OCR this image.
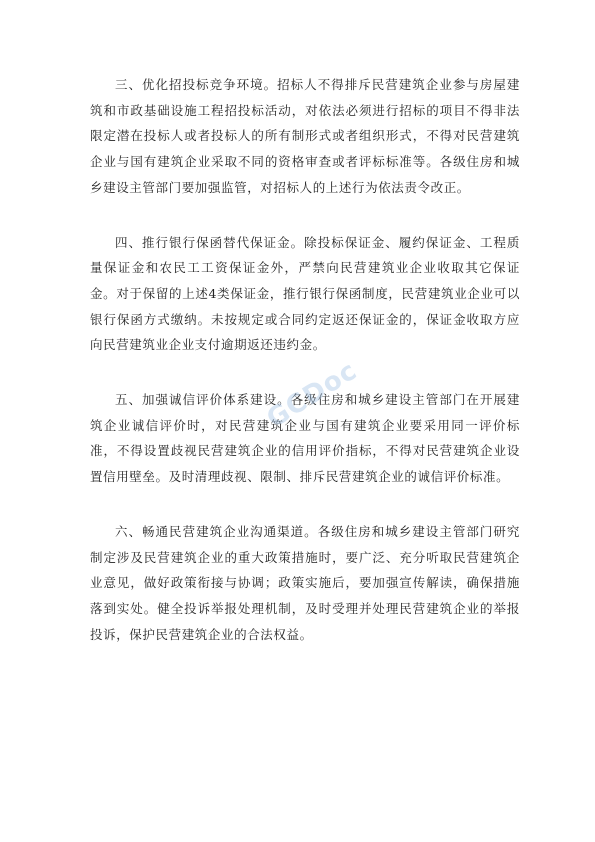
三、优化招投标竞争环境。招标人不得排斥民营建筑企业参与房屋建筑和市政基础设施工程招投标活动，对依法必须进行招标的项目不得非法限定潜在投标人或者投标人的所有制形式或者组织形式，不得对民营建筑企业与国有建筑企业采取不同的资格审查或者评标标准等。各级住房和城乡建设主管部门要加强监管，对招标人的上述行为依法责令改正。

四、推行银行保函替代保证金。除投标保证金、履约保证金、工程质量保证金和农民工工资保证金外，严禁向民营建筑业企业收取其它保证金。对于保留的上述4类保证金，推行银行保函制度，民营建筑业企业可以银行保函方式缴纳。未按规定或合同约定返还保证金的，保证金收取方应向民营建筑业企业支付逾期返还违约金。

五、加强诚信评价体系建设。各级住房和城乡建设主管部门在开展建筑企业诚信评价时，对民营建筑企业与国有建筑企业要采用同一评价标准，不得设置歧视民营建筑企业的信用评价指标，不得对民营建筑企业设置信用壁垒。及时清理歧视、限制、排斥民营建筑企业的诚信评价标准。

六、畅通民营建筑企业沟通渠道。各级住房和城乡建设主管部门研究制定涉及民营建筑企业的重大政策措施时，要广泛、充分听取民营建筑企业意见，做好政策衔接与协调；政策实施后，要加强宣传解读，确保措施落到实处。健全投诉举报处理机制，及时受理并处理民营建筑企业的举报投诉，保护民营建筑企业的合法权益。

GCDoc
